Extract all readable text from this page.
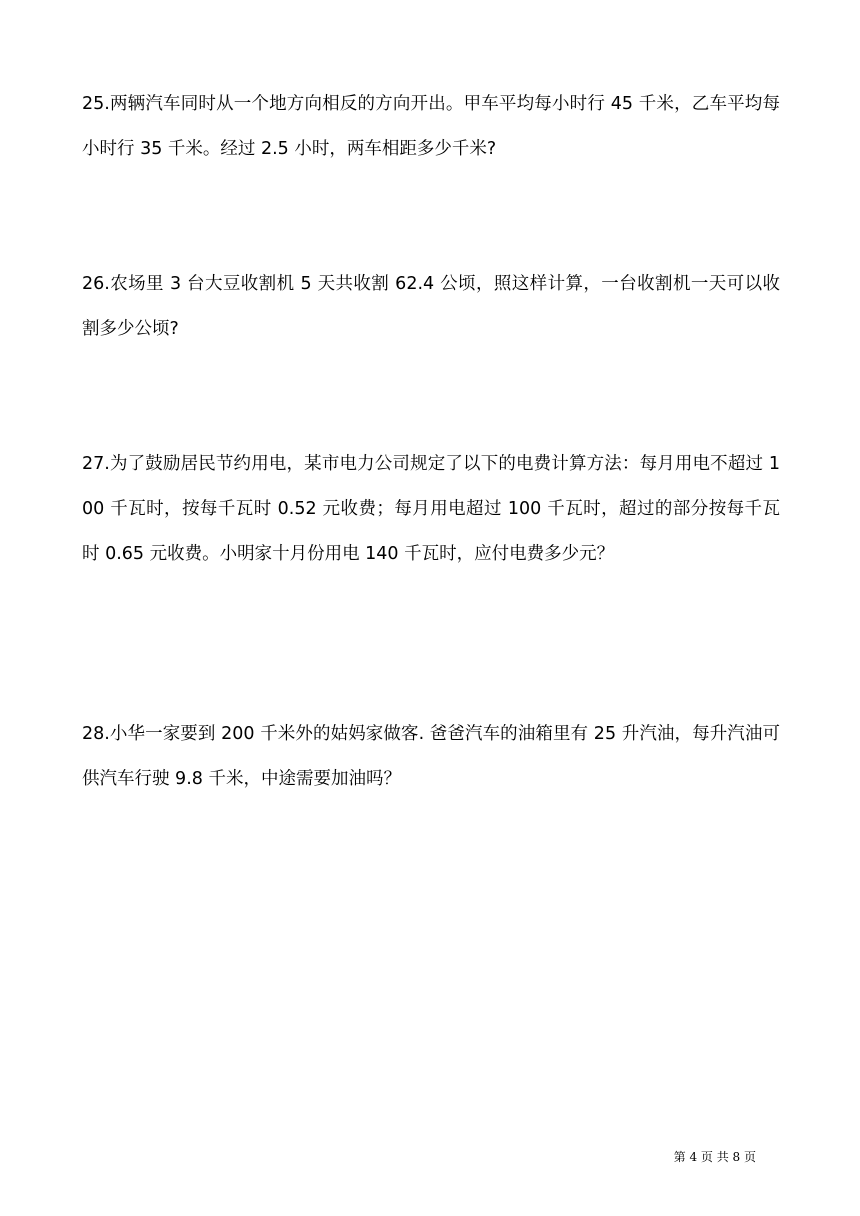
25.两辆汽车同时从一个地方向相反的方向开出。甲车平均每小时行 45 千米，乙车平均每小时行 35 千米。经过 2.5 小时，两车相距多少千米?

26.农场里 3 台大豆收割机 5 天共收割 62.4 公顷，照这样计算，一台收割机一天可以收割多少公顷?

27.为了鼓励居民节约用电，某市电力公司规定了以下的电费计算方法：每月用电不超过 100 千瓦时，按每千瓦时 0.52 元收费；每月用电超过 100 千瓦时，超过的部分按每千瓦时 0.65 元收费。小明家十月份用电 140 千瓦时，应付电费多少元？

28.小华一家要到 200 千米外的姑妈家做客. 爸爸汽车的油箱里有 25 升汽油，每升汽油可供汽车行驶 9.8 千米，中途需要加油吗？

第 4 页 共 8 页
